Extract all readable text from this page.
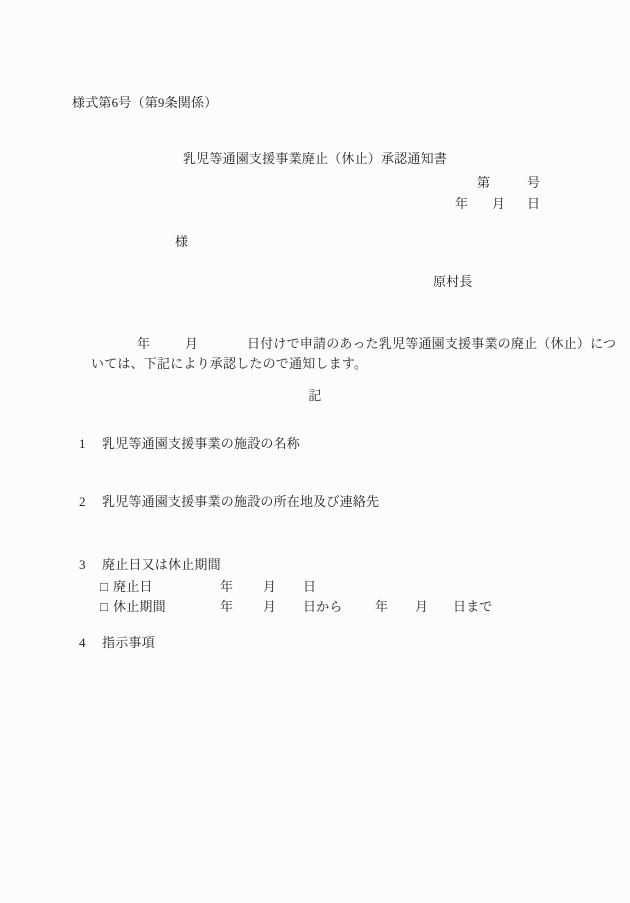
様式第6号（第9条関係）
乳児等通園支援事業廃止（休止）承認通知書
第	号
年 月 日
様
原村長
年	月	日付けで申請のあった乳児等通園支援事業の廃止（休止）につ
いては、下記により承認したので通知します。
記
1 乳児等通園支援事業の施設の名称
2 乳児等通園支援事業の施設の所在地及び連絡先
3 廃止日又は休止期間
□ 廃止日	年 月 日
□ 休止期間	年 月 日から 年 月 日まで
4 指示事項
